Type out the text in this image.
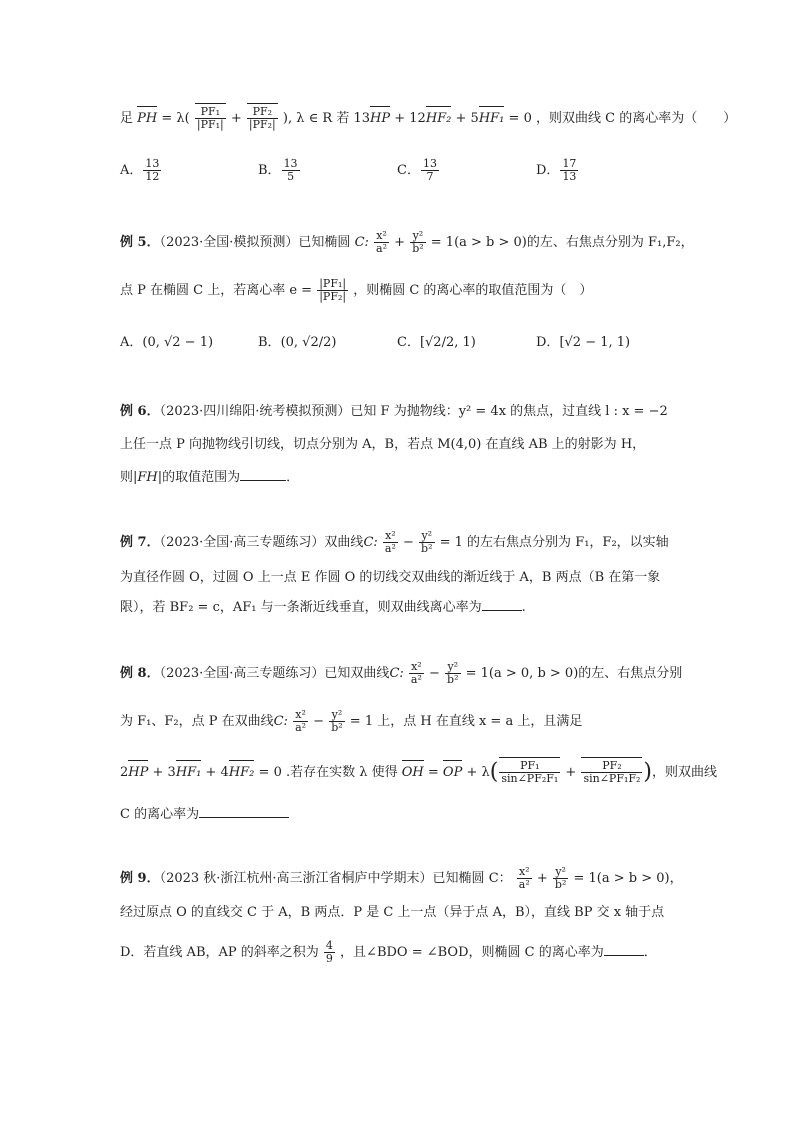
足 PH = $\lambda( \frac{\text{PF₁}}{\text{|PF₁|}} + \frac{\text{PF₂}}{\text{|PF₂|}}$ ), λ ∈ R 若 13HP + 12HF₂ + 5HF₁ = 0 ，则双曲线 C 的离心率为（　　）
A． $\frac{13}{12}$	B． $\frac{13}{5}$	C． $\frac{13}{7}$	D． $\frac{17}{13}$
例 5．（2023·全国·模拟预测）已知椭圆 C: $\frac{\text{x²}}{\text{a²}} + \frac{\text{y²}}{\text{b²}} = 1(a > b > 0)$的左、右焦点分别为 F₁,F₂，
点 P 在椭圆 C 上，若离心率 $e = \frac{\text{|PF₁|}}{\text{|PF₂|}}$ ，则椭圆 C 的离心率的取值范围为（　）
A．(0, √2 − 1)	B．(0, √2/2)	C．[√2/2, 1)	D．[√2 − 1, 1)
例 6．（2023·四川绵阳·统考模拟预测）已知 F 为抛物线：y² = 4x 的焦点，过直线 l : x = −2
上任一点 P 向抛物线引切线，切点分别为 A，B，若点 M(4,0) 在直线 AB 上的射影为 H，
则|FH|的取值范围为	．
例 7．（2023·全国·高三专题练习）双曲线C: $\frac{\text{x²}}{\text{a²}} - \frac{\text{y²}}{\text{b²}} = 1$ 的左右焦点分别为 F₁，F₂，以实轴
为直径作圆 O，过圆 O 上一点 E 作圆 O 的切线交双曲线的渐近线于 A，B 两点（B 在第一象
限），若 BF₂ = c，AF₁ 与一条渐近线垂直，则双曲线离心率为	.
例 8．（2023·全国·高三专题练习）已知双曲线C: $\frac{\text{x²}}{\text{a²}} - \frac{\text{y²}}{\text{b²}} = 1(a > 0$, b > 0)的左、右焦点分别
为 F₁、F₂，点 P 在双曲线C: $\frac{\text{x²}}{\text{a²}} - \frac{\text{y²}}{\text{b²}} = 1$ 上，点 H 在直线 x = a 上，且满足
2HP + 3HF₁ + 4HF₂ = 0 .若存在实数 λ 使得 OH = OP + $\lambda( \frac{\text{PF₁}}{\text{sin∠PF₂F₁}} + \frac{\text{PF₂}}{\text{sin∠PF₁F₂}}$ )，则双曲线
C 的离心率为
例 9．（2023 秋·浙江杭州·高三浙江省桐庐中学期末）已知椭圆 C： $\frac{\text{x²}}{\text{a²}} + \frac{\text{y²}}{\text{b²}} = 1(a > b > 0)$，
经过原点 O 的直线交 C 于 A，B 两点．P 是 C 上一点（异于点 A，B），直线 BP 交 x 轴于点
D．若直线 AB，AP 的斜率之积为 $\frac{4}{9}$ ，且∠BDO = ∠BOD，则椭圆 C 的离心率为	．
